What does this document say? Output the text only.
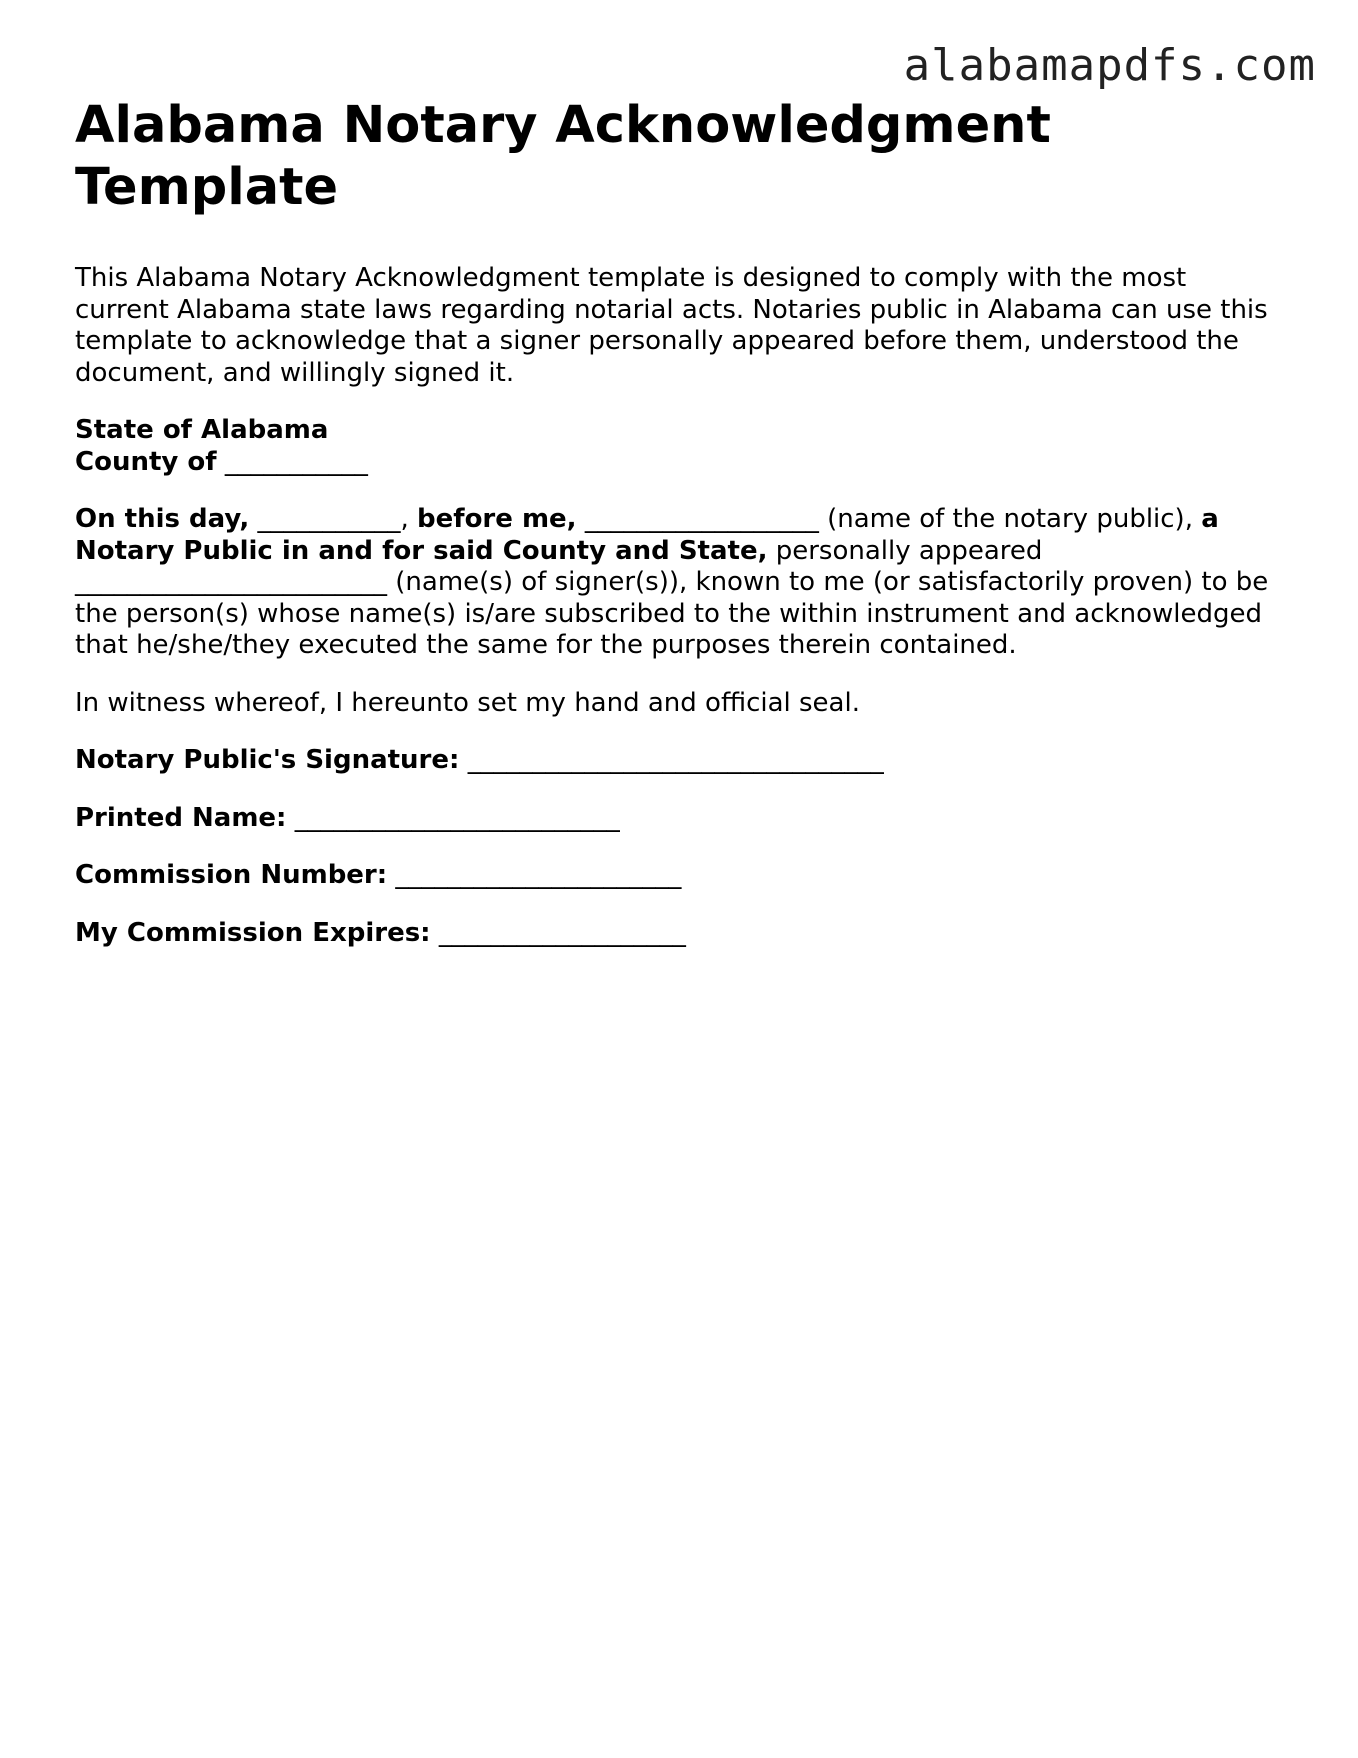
alabamapdfs.com
Alabama Notary Acknowledgment Template

This Alabama Notary Acknowledgment template is designed to comply with the most current Alabama state laws regarding notarial acts. Notaries public in Alabama can use this template to acknowledge that a signer personally appeared before them, understood the document, and willingly signed it.

State of Alabama
County of ___________

On this day, ___________, before me, __________________ (name of the notary public), a Notary Public in and for said County and State, personally appeared ________________________ (name(s) of signer(s)), known to me (or satisfactorily proven) to be the person(s) whose name(s) is/are subscribed to the within instrument and acknowledged that he/she/they executed the same for the purposes therein contained.

In witness whereof, I hereunto set my hand and official seal.

Notary Public's Signature: ________________________________

Printed Name: _________________________

Commission Number: ______________________

My Commission Expires: ___________________
